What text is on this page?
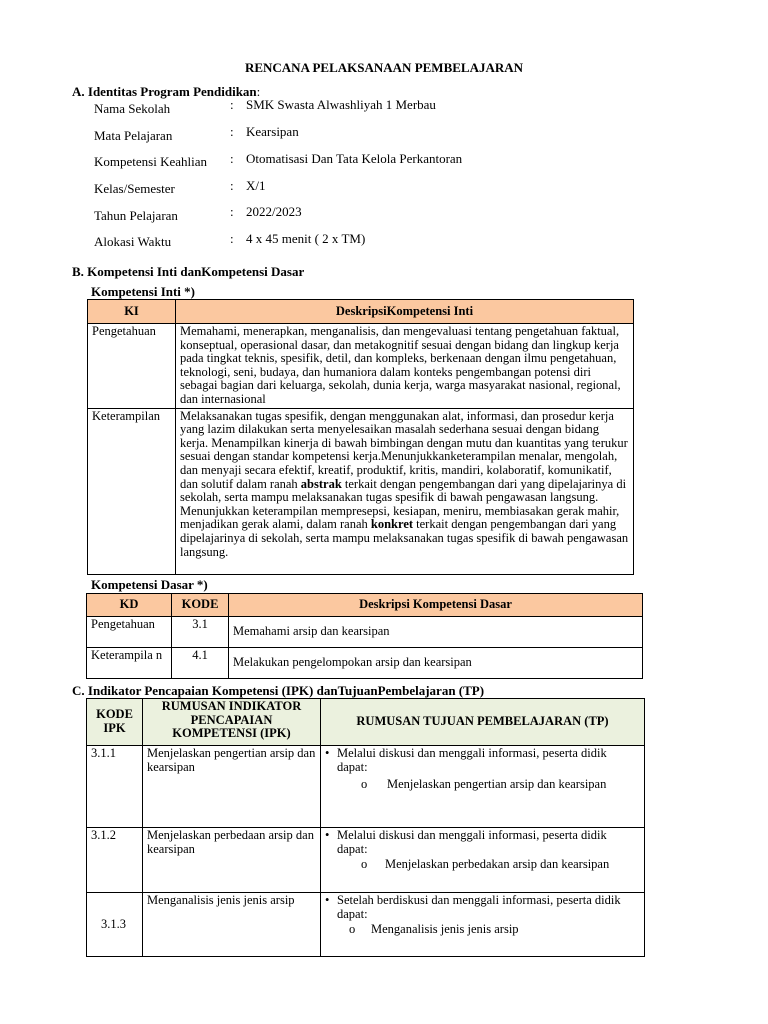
RENCANA PELAKSANAAN PEMBELAJARAN
A. Identitas Program Pendidikan:
Nama Sekolah	: SMK Swasta Alwashliyah 1 Merbau
Mata Pelajaran	: Kearsipan
Kompetensi Keahlian : Otomatisasi Dan Tata Kelola Perkantoran
Kelas/Semester	: X/1
Tahun Pelajaran	: 2022/2023
Alokasi Waktu	: 4 x 45 menit ( 2 x TM)
B. Kompetensi Inti danKompetensi Dasar
Kompetensi Inti *)
KI	DeskripsiKompetensi Inti
Pengetahuan	Memahami, menerapkan, menganalisis, dan mengevaluasi tentang pengetahuan faktual, konseptual, operasional dasar, dan metakognitif sesuai dengan bidang dan lingkup kerja pada tingkat teknis, spesifik, detil, dan kompleks, berkenaan dengan ilmu pengetahuan, teknologi, seni, budaya, dan humaniora dalam konteks pengembangan potensi diri sebagai bagian dari keluarga, sekolah, dunia kerja, warga masyarakat nasional, regional, dan internasional
Keterampilan	Melaksanakan tugas spesifik, dengan menggunakan alat, informasi, dan prosedur kerja yang lazim dilakukan serta menyelesaikan masalah sederhana sesuai dengan bidang kerja. Menampilkan kinerja di bawah bimbingan dengan mutu dan kuantitas yang terukur sesuai dengan standar kompetensi kerja.Menunjukkanketerampilan menalar, mengolah, dan menyaji secara efektif, kreatif, produktif, kritis, mandiri, kolaboratif, komunikatif, dan solutif dalam ranah abstrak terkait dengan pengembangan dari yang dipelajarinya di sekolah, serta mampu melaksanakan tugas spesifik di bawah pengawasan langsung. Menunjukkan keterampilan mempresepsi, kesiapan, meniru, membiasakan gerak mahir, menjadikan gerak alami, dalam ranah konkret terkait dengan pengembangan dari yang dipelajarinya di sekolah, serta mampu melaksanakan tugas spesifik di bawah pengawasan langsung.
Kompetensi Dasar *)
KD	KODE	Deskripsi Kompetensi Dasar
Pengetahuan	3.1	Memahami arsip dan kearsipan
Keterampila n	4.1	Melakukan pengelompokan arsip dan kearsipan
C. Indikator Pencapaian Kompetensi (IPK) danTujuanPembelajaran (TP)
KODE IPK	RUMUSAN INDIKATOR PENCAPAIAN KOMPETENSI (IPK)	RUMUSAN TUJUAN PEMBELAJARAN (TP)
3.1.1	Menjelaskan pengertian arsip dan kearsipan	• Melalui diskusi dan menggali informasi, peserta didik dapat:
o Menjelaskan pengertian arsip dan kearsipan

3.1.2	Menjelaskan perbedaan arsip dan kearsipan	• Melalui diskusi dan menggali informasi, peserta didik dapat:
o Menjelaskan perbedakan arsip dan kearsipan

3.1.3	Menganalisis jenis jenis arsip	• Setelah berdiskusi dan menggali informasi, peserta didik dapat:
o Menganalisis jenis jenis arsip
